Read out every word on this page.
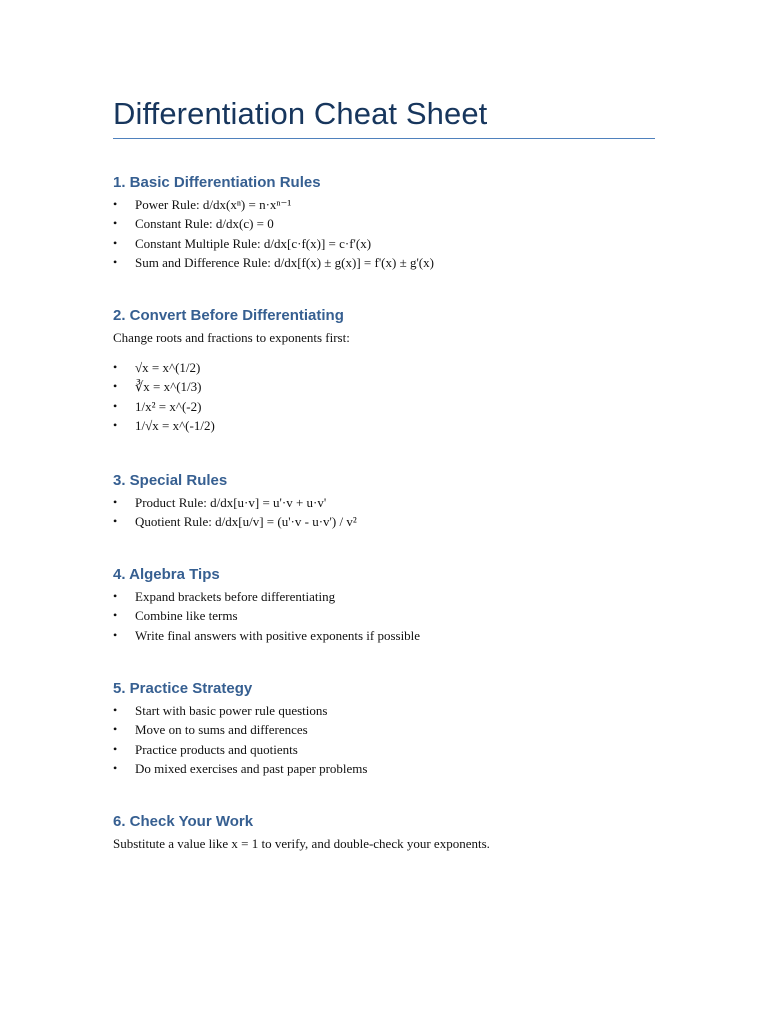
Differentiation Cheat Sheet
1. Basic Differentiation Rules
• Power Rule: d/dx(xⁿ) = n·xⁿ⁻¹
• Constant Rule: d/dx(c) = 0
• Constant Multiple Rule: d/dx[c·f(x)] = c·f'(x)
• Sum and Difference Rule: d/dx[f(x) ± g(x)] = f'(x) ± g'(x)
2. Convert Before Differentiating

Change roots and fractions to exponents first:

• √x = x^(1/2)
• ∛x = x^(1/3)
• 1/x² = x^(-2)
• 1/√x = x^(-1/2)
3. Special Rules
• Product Rule: d/dx[u·v] = u'·v + u·v'
• Quotient Rule: d/dx[u/v] = (u'·v - u·v') / v²
4. Algebra Tips
• Expand brackets before differentiating
• Combine like terms
• Write final answers with positive exponents if possible
5. Practice Strategy
• Start with basic power rule questions
• Move on to sums and differences
• Practice products and quotients
• Do mixed exercises and past paper problems
6. Check Your Work

Substitute a value like x = 1 to verify, and double-check your exponents.
